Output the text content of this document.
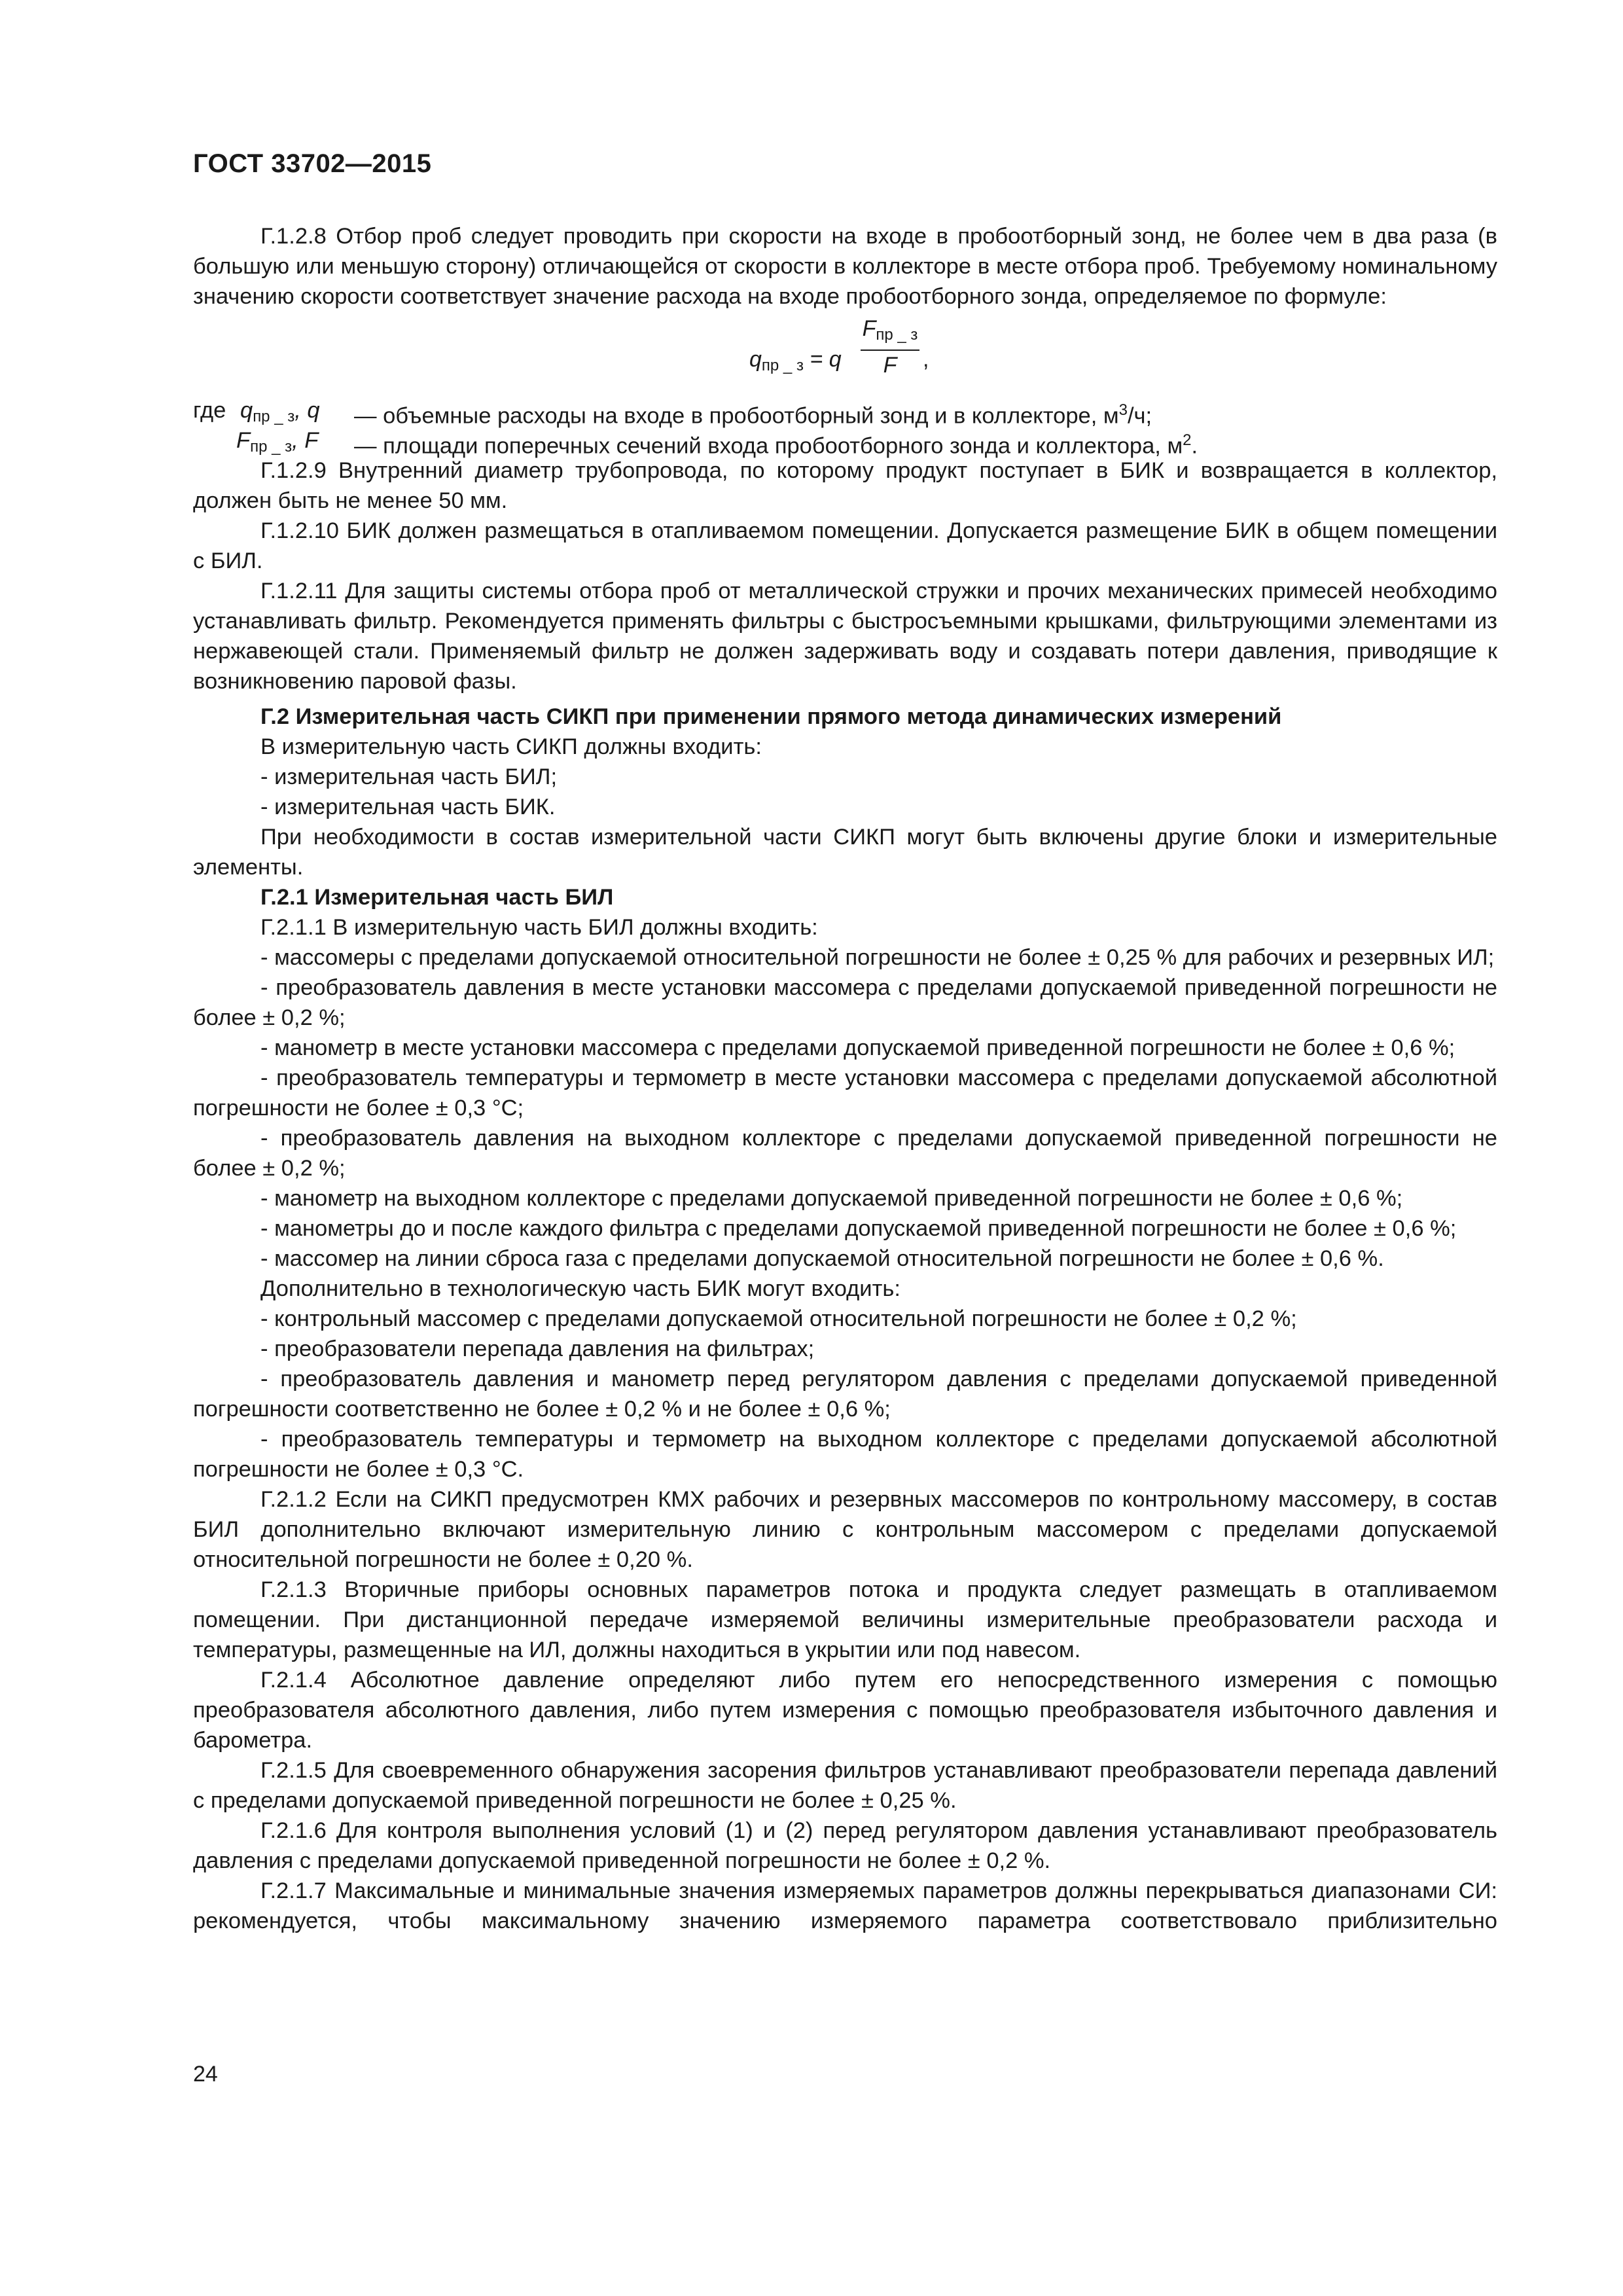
ГОСТ 33702—2015

Г.1.2.8 Отбор проб следует проводить при скорости на входе в пробоотборный зонд, не более чем в два раза (в большую или меньшую сторону) отличающейся от скорости в коллекторе в месте отбора проб. Требуемому номинальному значению скорости соответствует значение расхода на входе пробоотборного зонда, определяемое по формуле:

$q_{пр \_ з} = q$
$F_{пр \_ з}$
F	,
где $q_{пр \_ з}$, q — объемные расходы на входе в пробоотборный зонд и в коллекторе, $м^3/ч$;
$F_{пр \_ з}$, F — площади поперечных сечений входа пробоотборного зонда и коллектора, $м^2$.

Г.1.2.9 Внутренний диаметр трубопровода, по которому продукт поступает в БИК и возвращается в коллектор, должен быть не менее 50 мм.

Г.1.2.10 БИК должен размещаться в отапливаемом помещении. Допускается размещение БИК в общем помещении с БИЛ.

Г.1.2.11 Для защиты системы отбора проб от металлической стружки и прочих механических примесей необходимо устанавливать фильтр. Рекомендуется применять фильтры с быстросъемными крышками, фильтрующими элементами из нержавеющей стали. Применяемый фильтр не должен задерживать воду и создавать потери давления, приводящие к возникновению паровой фазы.

Г.2 Измерительная часть СИКП при применении прямого метода динамических измерений

В измерительную часть СИКП должны входить:

- измерительная часть БИЛ;

- измерительная часть БИК.

При необходимости в состав измерительной части СИКП могут быть включены другие блоки и измерительные элементы.

Г.2.1 Измерительная часть БИЛ

Г.2.1.1 В измерительную часть БИЛ должны входить:

- массомеры с пределами допускаемой относительной погрешности не более ± 0,25 % для рабочих и резервных ИЛ;

- преобразователь давления в месте установки массомера с пределами допускаемой приведенной погрешности не более ± 0,2 %;

- манометр в месте установки массомера с пределами допускаемой приведенной погрешности не более ± 0,6 %;

- преобразователь температуры и термометр в месте установки массомера с пределами допускаемой абсолютной погрешности не более ± 0,3 °С;

- преобразователь давления на выходном коллекторе с пределами допускаемой приведенной погрешности не более ± 0,2 %;

- манометр на выходном коллекторе с пределами допускаемой приведенной погрешности не более ± 0,6 %;

- манометры до и после каждого фильтра с пределами допускаемой приведенной погрешности не более ± 0,6 %;

- массомер на линии сброса газа с пределами допускаемой относительной погрешности не более ± 0,6 %.

Дополнительно в технологическую часть БИК могут входить:

- контрольный массомер с пределами допускаемой относительной погрешности не более ± 0,2 %;

- преобразователи перепада давления на фильтрах;

- преобразователь давления и манометр перед регулятором давления с пределами допускаемой приведенной погрешности соответственно не более ± 0,2 % и не более ± 0,6 %;

- преобразователь температуры и термометр на выходном коллекторе с пределами допускаемой абсолютной погрешности не более ± 0,3 °С.

Г.2.1.2 Если на СИКП предусмотрен КМХ рабочих и резервных массомеров по контрольному массомеру, в состав БИЛ дополнительно включают измерительную линию с контрольным массомером с пределами допускаемой относительной погрешности не более ± 0,20 %.

Г.2.1.3 Вторичные приборы основных параметров потока и продукта следует размещать в отапливаемом помещении. При дистанционной передаче измеряемой величины измерительные преобразователи расхода и температуры, размещенные на ИЛ, должны находиться в укрытии или под навесом.

Г.2.1.4 Абсолютное давление определяют либо путем его непосредственного измерения с помощью преобразователя абсолютного давления, либо путем измерения с помощью преобразователя избыточного давления и барометра.

Г.2.1.5 Для своевременного обнаружения засорения фильтров устанавливают преобразователи перепада давлений с пределами допускаемой приведенной погрешности не более ± 0,25 %.

Г.2.1.6 Для контроля выполнения условий (1) и (2) перед регулятором давления устанавливают преобразователь давления с пределами допускаемой приведенной погрешности не более ± 0,2 %.

Г.2.1.7 Максимальные и минимальные значения измеряемых параметров должны перекрываться диапазонами СИ: рекомендуется, чтобы максимальному значению измеряемого параметра соответствовало приблизительно

24
